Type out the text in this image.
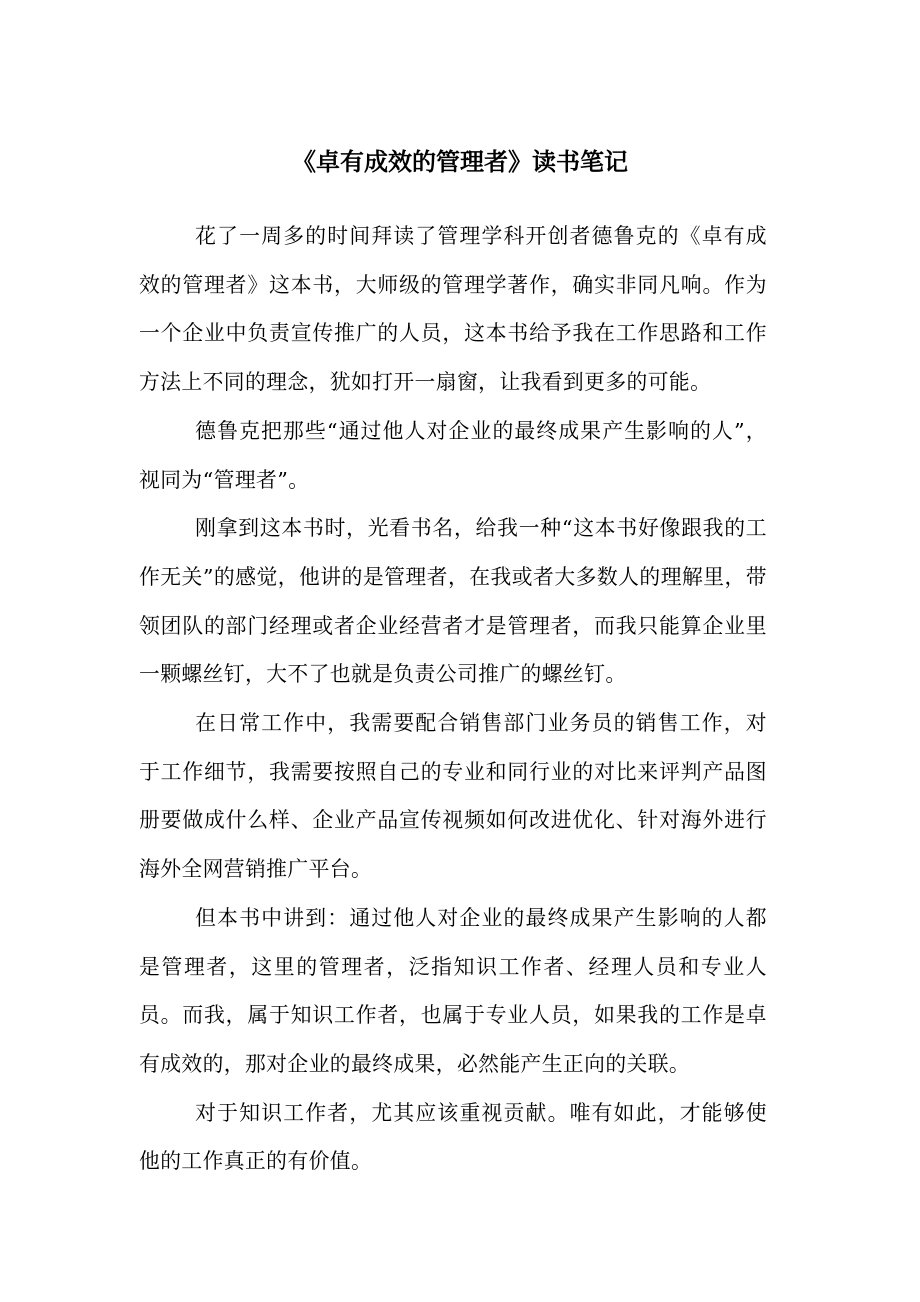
《卓有成效的管理者》读书笔记

花了一周多的时间拜读了管理学科开创者德鲁克的《卓有成效的管理者》这本书，大师级的管理学著作，确实非同凡响。作为一个企业中负责宣传推广的人员，这本书给予我在工作思路和工作方法上不同的理念，犹如打开一扇窗，让我看到更多的可能。

德鲁克把那些“通过他人对企业的最终成果产生影响的人”，视同为“管理者”。

刚拿到这本书时，光看书名，给我一种“这本书好像跟我的工作无关”的感觉，他讲的是管理者，在我或者大多数人的理解里，带领团队的部门经理或者企业经营者才是管理者，而我只能算企业里一颗螺丝钉，大不了也就是负责公司推广的螺丝钉。

在日常工作中，我需要配合销售部门业务员的销售工作，对于工作细节，我需要按照自己的专业和同行业的对比来评判产品图册要做成什么样、企业产品宣传视频如何改进优化、针对海外进行海外全网营销推广平台。

但本书中讲到：通过他人对企业的最终成果产生影响的人都是管理者，这里的管理者，泛指知识工作者、经理人员和专业人员。而我，属于知识工作者，也属于专业人员，如果我的工作是卓有成效的，那对企业的最终成果，必然能产生正向的关联。

对于知识工作者，尤其应该重视贡献。唯有如此，才能够使他的工作真正的有价值。
